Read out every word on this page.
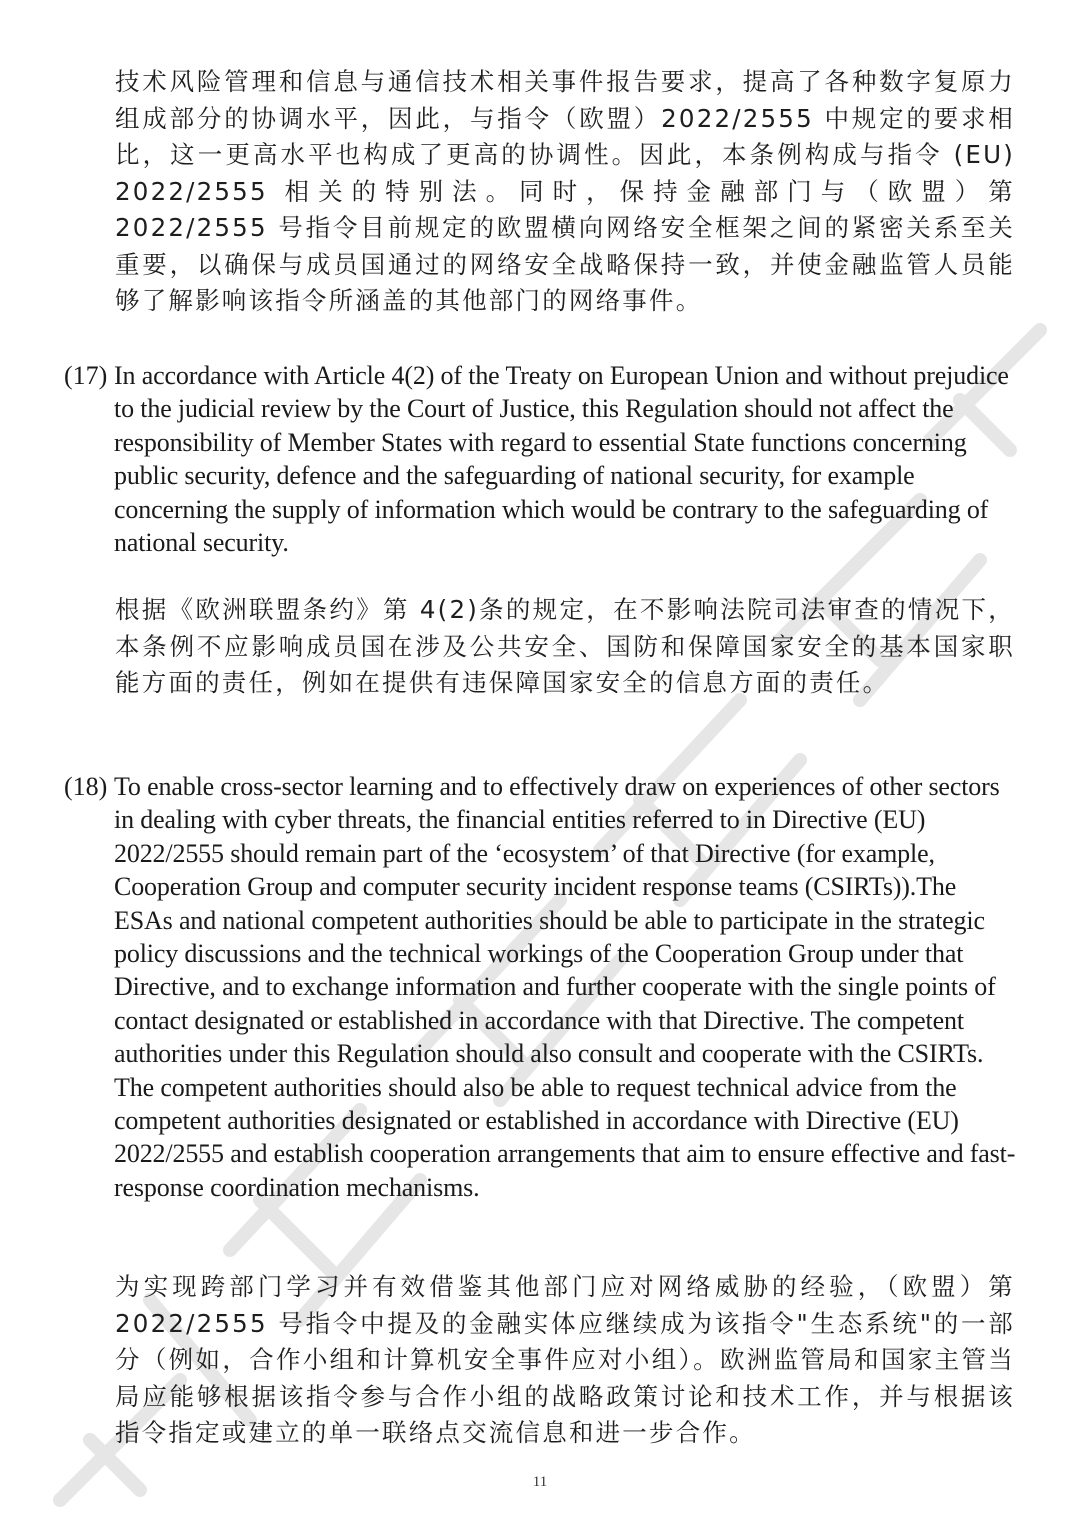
技术风险管理和信息与通信技术相关事件报告要求，提高了各种数字复原力组成部分的协调水平，因此，与指令（欧盟）2022/2555 中规定的要求相比，这一更高水平也构成了更高的协调性。因此，本条例构成与指令 (EU) 2022/2555 相关的特别法。同时，保持金融部门与（欧盟）第 2022/2555 号指令目前规定的欧盟横向网络安全框架之间的紧密关系至关重要，以确保与成员国通过的网络安全战略保持一致，并使金融监管人员能够了解影响该指令所涵盖的其他部门的网络事件。

(17) In accordance with Article 4(2) of the Treaty on European Union and without prejudice to the judicial review by the Court of Justice, this Regulation should not affect the responsibility of Member States with regard to essential State functions concerning public security, defence and the safeguarding of national security, for example concerning the supply of information which would be contrary to the safeguarding of national security.

根据《欧洲联盟条约》第 4(2)条的规定，在不影响法院司法审查的情况下，本条例不应影响成员国在涉及公共安全、国防和保障国家安全的基本国家职能方面的责任，例如在提供有违保障国家安全的信息方面的责任。

(18) To enable cross-sector learning and to effectively draw on experiences of other sectors in dealing with cyber threats, the financial entities referred to in Directive (EU) 2022/2555 should remain part of the ‘ecosystem’ of that Directive (for example, Cooperation Group and computer security incident response teams (CSIRTs)).The ESAs and national competent authorities should be able to participate in the strategic policy discussions and the technical workings of the Cooperation Group under that Directive, and to exchange information and further cooperate with the single points of contact designated or established in accordance with that Directive. The competent authorities under this Regulation should also consult and cooperate with the CSIRTs. The competent authorities should also be able to request technical advice from the competent authorities designated or established in accordance with Directive (EU) 2022/2555 and establish cooperation arrangements that aim to ensure effective and fast-response coordination mechanisms.

为实现跨部门学习并有效借鉴其他部门应对网络威胁的经验，（欧盟）第 2022/2555 号指令中提及的金融实体应继续成为该指令"生态系统"的一部分（例如，合作小组和计算机安全事件应对小组）。欧洲监管局和国家主管当局应能够根据该指令参与合作小组的战略政策讨论和技术工作，并与根据该指令指定或建立的单一联络点交流信息和进一步合作。

11
